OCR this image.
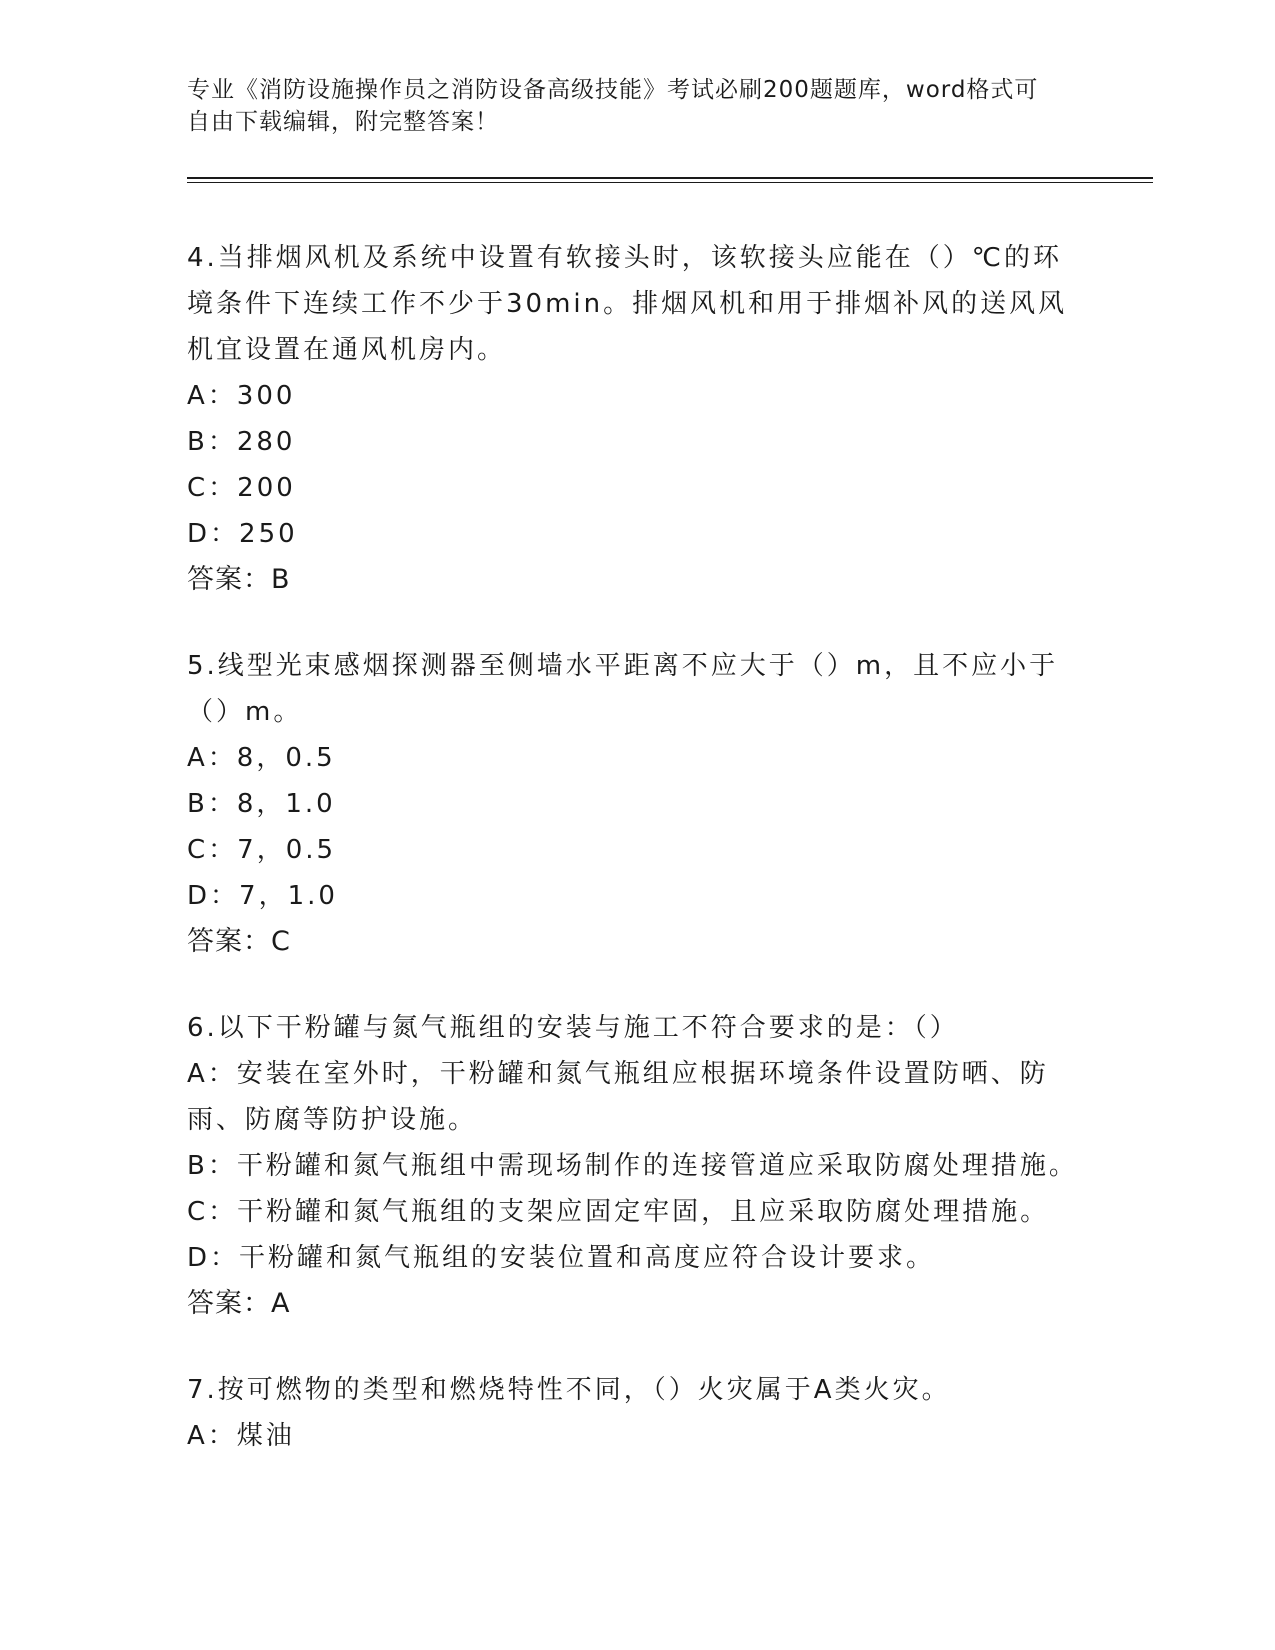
专业《消防设施操作员之消防设备高级技能》考试必刷200题题库，word格式可
自由下载编辑，附完整答案！

4.当排烟风机及系统中设置有软接头时，该软接头应能在（）℃的环境条件下连续工作不少于30min。排烟风机和用于排烟补风的送风风机宜设置在通风机房内。

A：300

B：280

C：200

D：250

答案：B

5.线型光束感烟探测器至侧墙水平距离不应大于（）m，且不应小于（）m。

A：8，0.5

B：8，1.0

C：7，0.5

D：7，1.0

答案：C

6.以下干粉罐与氮气瓶组的安装与施工不符合要求的是：（）

A：安装在室外时，干粉罐和氮气瓶组应根据环境条件设置防晒、防雨、防腐等防护设施。

B：干粉罐和氮气瓶组中需现场制作的连接管道应采取防腐处理措施。

C：干粉罐和氮气瓶组的支架应固定牢固，且应采取防腐处理措施。

D：干粉罐和氮气瓶组的安装位置和高度应符合设计要求。

答案：A

7.按可燃物的类型和燃烧特性不同，（）火灾属于A类火灾。

A：煤油
